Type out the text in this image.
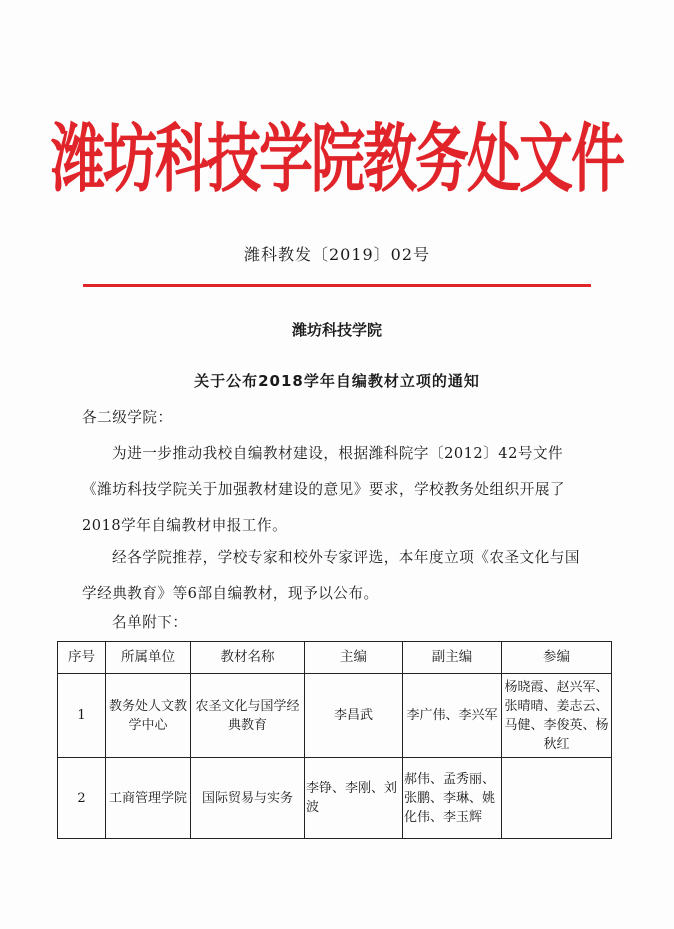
潍坊科技学院教务处文件
潍科教发〔2019〕02号
潍坊科技学院
关于公布2018学年自编教材立项的通知

各二级学院：

为进一步推动我校自编教材建设，根据潍科院字〔2012〕42号文件《潍坊科技学院关于加强教材建设的意见》要求，学校教务处组织开展了2018学年自编教材申报工作。

经各学院推荐，学校专家和校外专家评选，本年度立项《农圣文化与国学经典教育》等6部自编教材，现予以公布。

名单附下：

序号	所属单位	教材名称	主编	副主编	参编
1	教务处人文教学中心	农圣文化与国学经典教育	李昌武	李广伟、李兴军	杨晓霞、赵兴军、张晴晴、姜志云、马健、李俊英、杨秋红
2	工商管理学院	国际贸易与实务	李铮、李刚、刘波	郝伟、孟秀丽、张鹏、李琳、姚化伟、李玉辉	
